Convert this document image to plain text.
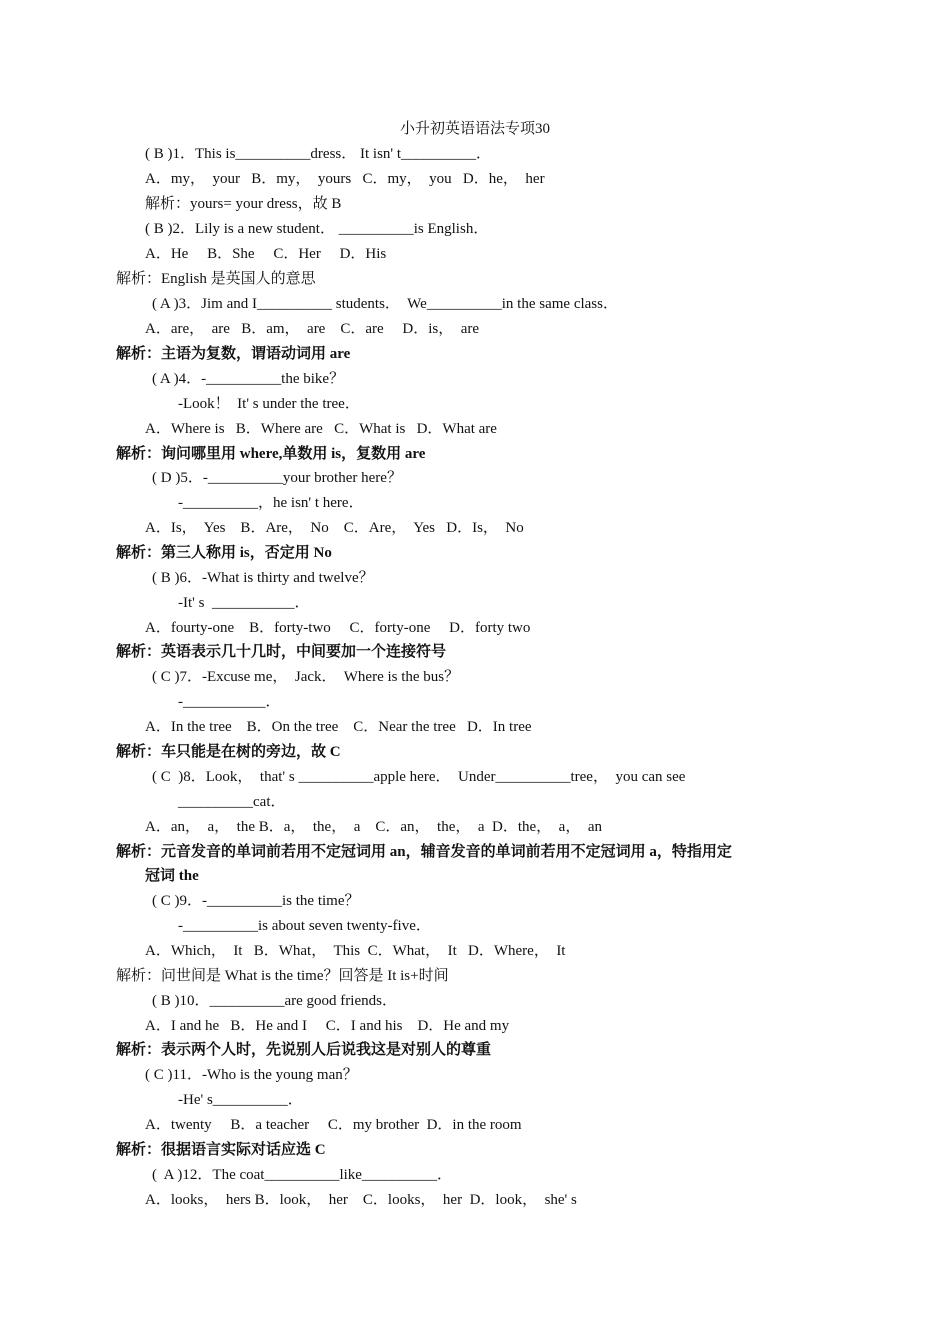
小升初英语语法专项30
( B )1．This is__________dress． It isn' t__________．
A．my，  your   B．my，  yours   C．my，  you   D．he，  her
解析：yours= your dress，故 B
( B )2．Lily is a new student． __________is English．
A．He     B．She     C．Her     D．His
解析：English 是英国人的意思
( A )3．Jim and I__________ students．  We__________in the same class．
A．are，  are   B．am，  are    C．are     D．is，  are
解析：主语为复数，谓语动词用 are
( A )4．-__________the bike？
-Look！  It' s under the tree．
A．Where is   B．Where are   C．What is   D．What are
解析：询问哪里用 where,单数用 is，复数用 are
( D )5．-__________your brother here？
-__________，he isn' t here．
A．Is，  Yes    B．Are，  No    C．Are，  Yes   D．Is，  No
解析：第三人称用 is，否定用 No
( B )6．-What is thirty and twelve？
-It' s  ___________．
A．fourty-one    B．forty-two     C．forty-one     D．forty two
解析：英语表示几十几时，中间要加一个连接符号
( C )7．-Excuse me，  Jack．  Where is the bus？
-___________．
A．In the tree    B．On the tree    C．Near the tree   D．In tree
解析：车只能是在树的旁边，故 C
( C  )8．Look，  that' s __________apple here．  Under__________tree，  you can see
__________cat．
A．an，  a，  the B．a，  the，  a    C．an，  the，  a  D．the，  a，  an
解析：元音发音的单词前若用不定冠词用 an，辅音发音的单词前若用不定冠词用 a，特指用定
冠词 the
( C )9．-__________is the time？
-__________is about seven twenty-five．
A．Which，  It   B．What，  This  C．What，  It   D．Where，  It
解析：问世间是 What is the time？回答是 It is+时间
( B )10．__________are good friends．
A．I and he   B．He and I     C．I and his    D．He and my
解析：表示两个人时，先说别人后说我这是对别人的尊重
( C )11．-Who is the young man？
-He' s__________．
A．twenty     B．a teacher     C．my brother  D．in the room
解析：很据语言实际对话应选 C
(  A )12．The coat__________like__________．
A．looks，  hers B．look，  her    C．looks，  her  D．look，  she' s
